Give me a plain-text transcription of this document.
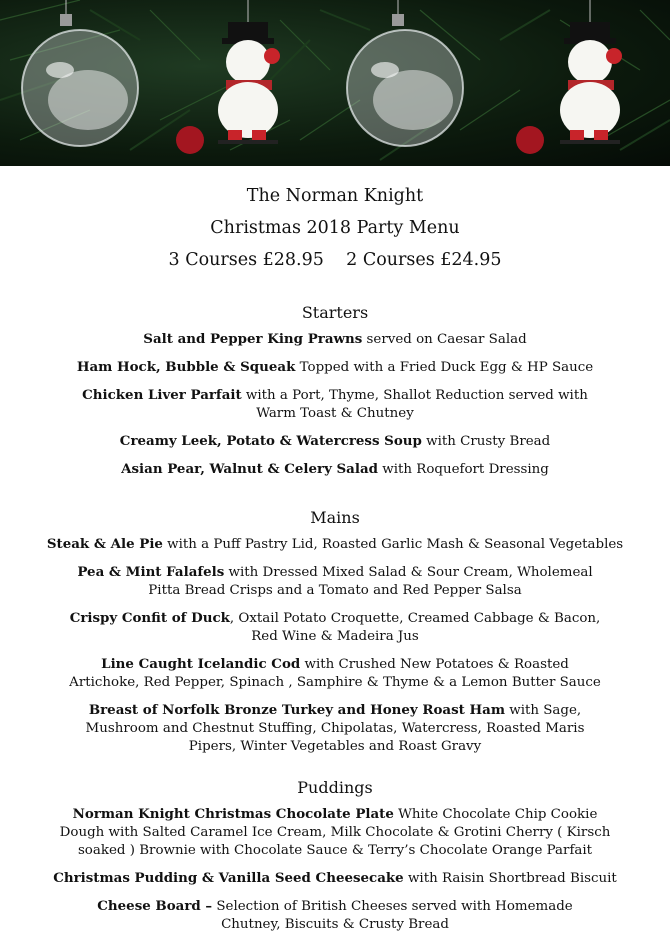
The Norman Knight
Christmas 2018 Party Menu
3 Courses £28.95    2 Courses £24.95
Starters
Salt and Pepper King Prawns served on Caesar Salad
Ham Hock, Bubble & Squeak Topped with a Fried Duck Egg & HP Sauce
Chicken Liver Parfait with a Port, Thyme, Shallot Reduction served with Warm Toast & Chutney
Creamy Leek, Potato & Watercress Soup with Crusty Bread
Asian Pear, Walnut & Celery Salad with Roquefort Dressing
Mains
Steak & Ale Pie with a Puff Pastry Lid, Roasted Garlic Mash & Seasonal Vegetables
Pea & Mint Falafels with Dressed Mixed Salad & Sour Cream, Wholemeal Pitta Bread Crisps and a Tomato and Red Pepper Salsa
Crispy Confit of Duck, Oxtail Potato Croquette, Creamed Cabbage & Bacon, Red Wine & Madeira Jus
Line Caught Icelandic Cod with Crushed New Potatoes & Roasted Artichoke, Red Pepper, Spinach , Samphire & Thyme & a Lemon Butter Sauce
Breast of Norfolk Bronze Turkey and Honey Roast Ham with Sage, Mushroom and Chestnut Stuffing, Chipolatas, Watercress, Roasted Maris Pipers, Winter Vegetables and Roast Gravy
Puddings
Norman Knight Christmas Chocolate Plate White Chocolate Chip Cookie Dough with Salted Caramel Ice Cream, Milk Chocolate & Grotini Cherry ( Kirsch soaked ) Brownie with Chocolate Sauce & Terry’s Chocolate Orange Parfait
Christmas Pudding & Vanilla Seed Cheesecake with Raisin Shortbread Biscuit
Cheese Board – Selection of British Cheeses served with Homemade Chutney, Biscuits & Crusty Bread
